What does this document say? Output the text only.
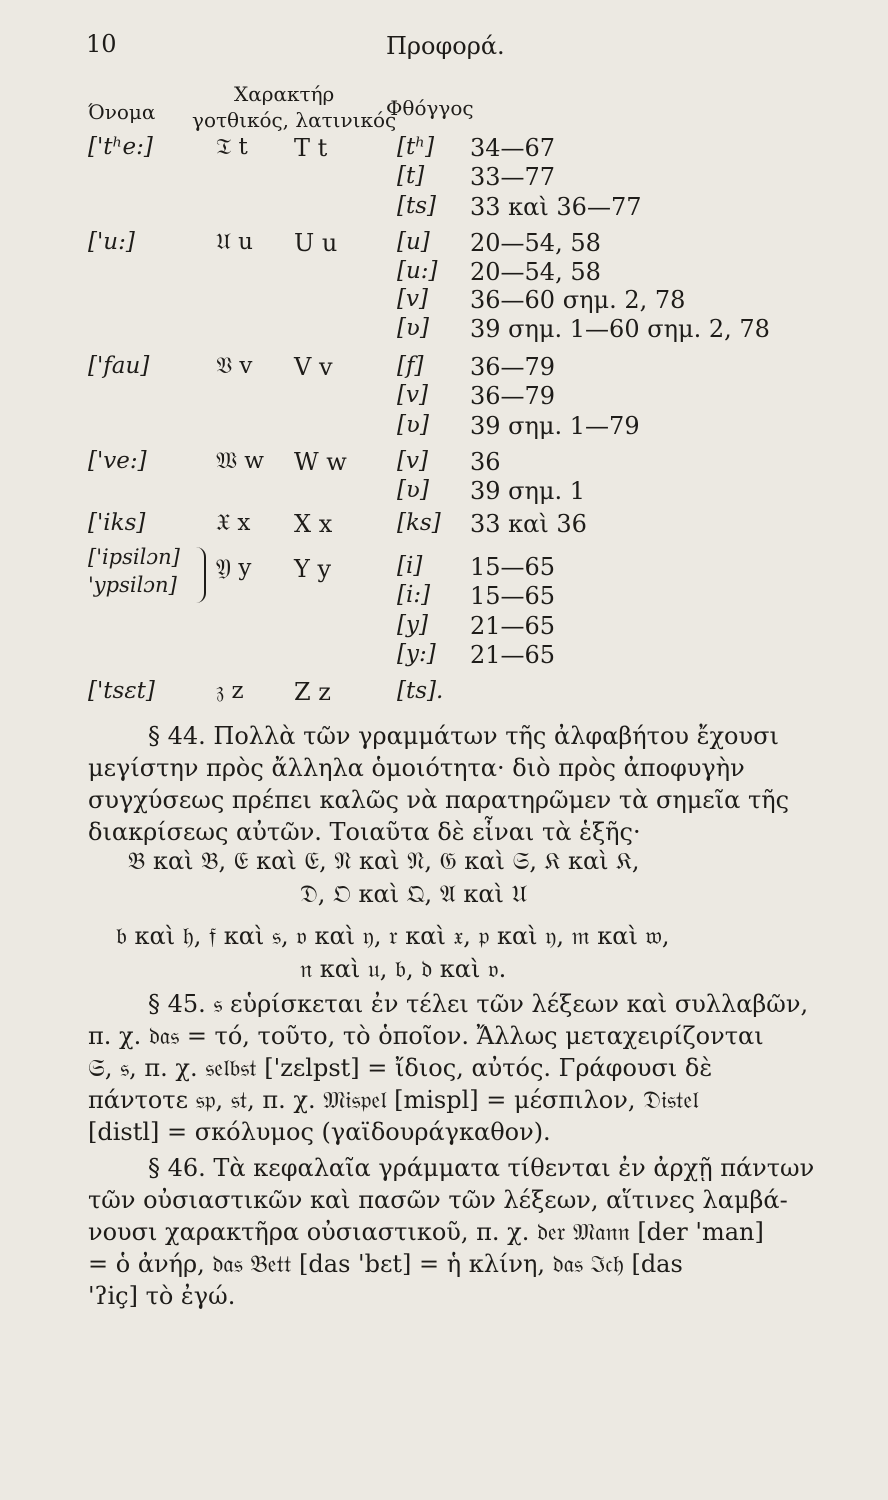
10	Προφορά.
Όνομα
Χαρακτήρ
γοτθικός, λατινικός
Φθόγγος
['tʰe:]	𝔗 t T t	[tʰ] 34—67
[t] 33—77
[ts] 33 καὶ 36—77
['u:]	𝔘 u U u	[u] 20—54, 58
[u:] 20—54, 58
[v] 36—60 σημ. 2, 78
[ʋ] 39 σημ. 1—60 σημ. 2, 78
['fau]	𝔙 v V v	[f] 36—79
[v] 36—79
[ʋ] 39 σημ. 1—79
['ve:]	𝔚 w W w [v] 36
[ʋ] 39 σημ. 1
['iks]	𝔛 x X x	[ks] 33 καὶ 36
['ipsilɔn] 𝔜 y Y y	[i] 15—65
'ypsilɔn]	[i:] 15—65
[y] 21—65
[y:] 21—65
['tsɛt]	𝔷 z Z z	[ts].
§ 44. Πολλὰ τῶν γραμμάτων τῆς ἀλφαβήτου ἔχουσι
μεγίστην πρὸς ἄλληλα ὁμοιότητα· διὸ πρὸς ἀποφυγὴν
συγχύσεως πρέπει καλῶς νὰ παρατηρῶμεν τὰ σημεῖα τῆς
διακρίσεως αὐτῶν. Τοιαῦτα δὲ εἶναι τὰ ἑξῆς·
𝔅 καὶ 𝔅, 𝔈 καὶ 𝔈, 𝔑 καὶ 𝔑, 𝔊 καὶ 𝔖, 𝔎 καὶ 𝔎,
𝔇, 𝔒 καὶ 𝔔, 𝔄 καὶ 𝔘
𝔟 καὶ 𝔥, 𝔣 καὶ 𝔰, 𝔳 καὶ 𝔶, 𝔯 καὶ 𝔵, 𝔭 καὶ 𝔶, 𝔪 καὶ 𝔴,
𝔫 καὶ 𝔲, 𝔟, 𝔡 καὶ 𝔳.
§ 45. 𝔰 εὑρίσκεται ἐν τέλει τῶν λέξεων καὶ συλλαβῶν,
π. χ. 𝔡𝔞𝔰 = τό, τοῦτο, τὸ ὁποῖον. Ἄλλως μεταχειρίζονται
𝔖, 𝔰, π. χ. 𝔰𝔢𝔩𝔟𝔰𝔱 ['zɛlpst] = ἴδιος, αὐτός. Γράφουσι δὲ
πάντοτε 𝔰𝔭, 𝔰𝔱, π. χ. 𝔐𝔦𝔰𝔭𝔢𝔩 [mispl] = μέσπιλον, 𝔇𝔦𝔰𝔱𝔢𝔩
[distl] = σκόλυμος (γαϊδουράγκαθον).
§ 46. Τὰ κεφαλαῖα γράμματα τίθενται ἐν ἀρχῇ πάντων
τῶν οὐσιαστικῶν καὶ πασῶν τῶν λέξεων, αἵτινες λαμβά-
νουσι χαρακτῆρα οὐσιαστικοῦ, π. χ. 𝔡𝔢𝔯 𝔐𝔞𝔫𝔫 [der 'man]
= ὁ ἀνήρ, 𝔡𝔞𝔰 𝔅𝔢𝔱𝔱 [das 'bɛt] = ἡ κλίνη, 𝔡𝔞𝔰 ℑ𝔠𝔥 [das
'ʔiç] τὸ ἐγώ.
